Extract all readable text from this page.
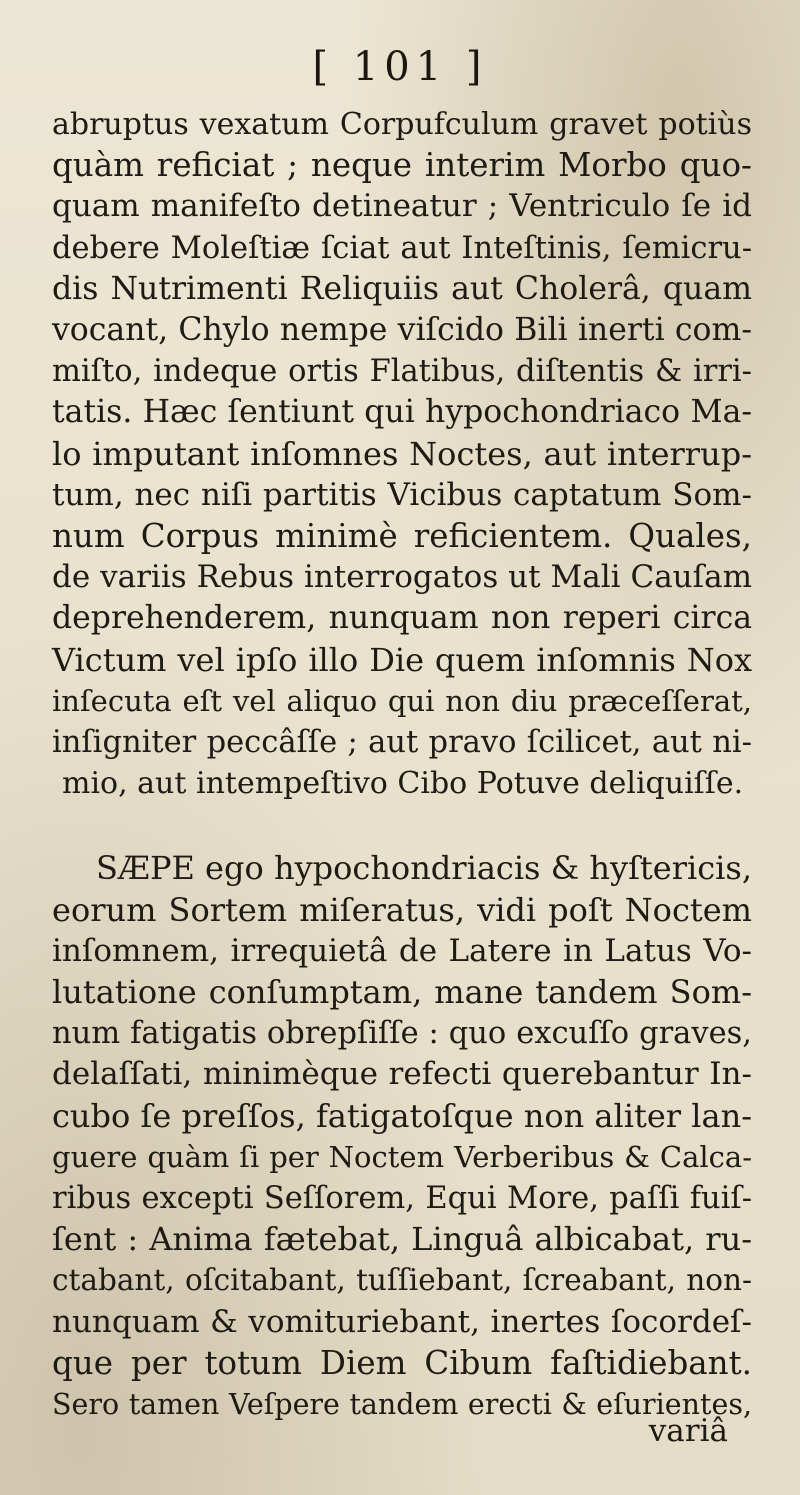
[ 101 ]
abruptus vexatum Corpufculum gravet potiùs
quàm reficiat ; neque interim Morbo quo-
quam manifeſto detineatur ; Ventriculo ſe id
debere Moleſtiæ ſciat aut Inteſtinis, ſemicru-
dis Nutrimenti Reliquiis aut Cholerâ, quam
vocant, Chylo nempe viſcido Bili inerti com-
miſto, indeque ortis Flatibus, diſtentis & irri-
tatis. Hæc ſentiunt qui hypochondriaco Ma-
lo imputant inſomnes Noctes, aut interrup-
tum, nec niſi partitis Vicibus captatum Som-
num Corpus minimè reficientem. Quales,
de variis Rebus interrogatos ut Mali Cauſam
deprehenderem, nunquam non reperi circa
Victum vel ipſo illo Die quem inſomnis Nox
inſecuta eſt vel aliquo qui non diu præceſſerat,
inſigniter peccâſſe ; aut pravo ſcilicet, aut ni-
mio, aut intempeſtivo Cibo Potuve deliquiſſe.
SÆPE ego hypochondriacis & hyſtericis,
eorum Sortem miſeratus, vidi poſt Noctem
inſomnem, irrequietâ de Latere in Latus Vo-
lutatione conſumptam, mane tandem Som-
num fatigatis obrepſiſſe : quo excuſſo graves,
delaſſati, minimèque refecti querebantur In-
cubo ſe preſſos, fatigatoſque non aliter lan-
guere quàm ſi per Noctem Verberibus & Calca-
ribus excepti Seſſorem, Equi More, paſſi fuiſ-
ſent : Anima fætebat, Linguâ albicabat, ru-
ctabant, oſcitabant, tuſſiebant, ſcreabant, non-
nunquam & vomituriebant, inertes ſocordeſ-
que per totum Diem Cibum faſtidiebant.
Sero tamen Veſpere tandem erecti & eſurientes,
variâ
